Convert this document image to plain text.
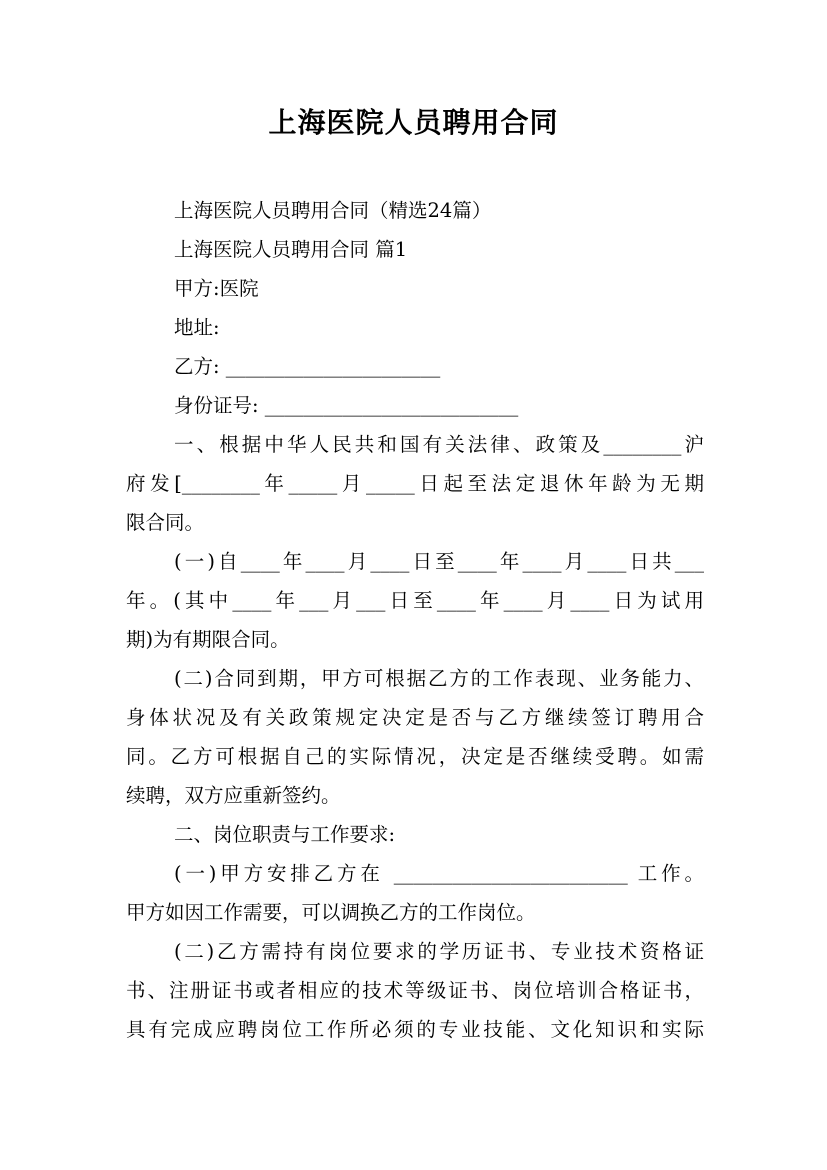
上海医院人员聘用合同
上海医院人员聘用合同（精选24篇）
上海医院人员聘用合同 篇1
甲方:医院
地址:
乙方: ______________________
身份证号: __________________________
一、根据中华人民共和国有关法律、政策及________沪
府发[________年_____月_____日起至法定退休年龄为无期
限合同。
(一)自____年____月____日至____年____月____日共___
年。(其中____年___月___日至____年____月____日为试用
期)为有期限合同。
(二)合同到期，甲方可根据乙方的工作表现、业务能力、
身体状况及有关政策规定决定是否与乙方继续签订聘用合
同。乙方可根据自己的实际情况，决定是否继续受聘。如需
续聘，双方应重新签约。
二、岗位职责与工作要求:
(一)甲方安排乙方在 ________________________ 工作。
甲方如因工作需要，可以调换乙方的工作岗位。
(二)乙方需持有岗位要求的学历证书、专业技术资格证
书、注册证书或者相应的技术等级证书、岗位培训合格证书，
具有完成应聘岗位工作所必须的专业技能、文化知识和实际
